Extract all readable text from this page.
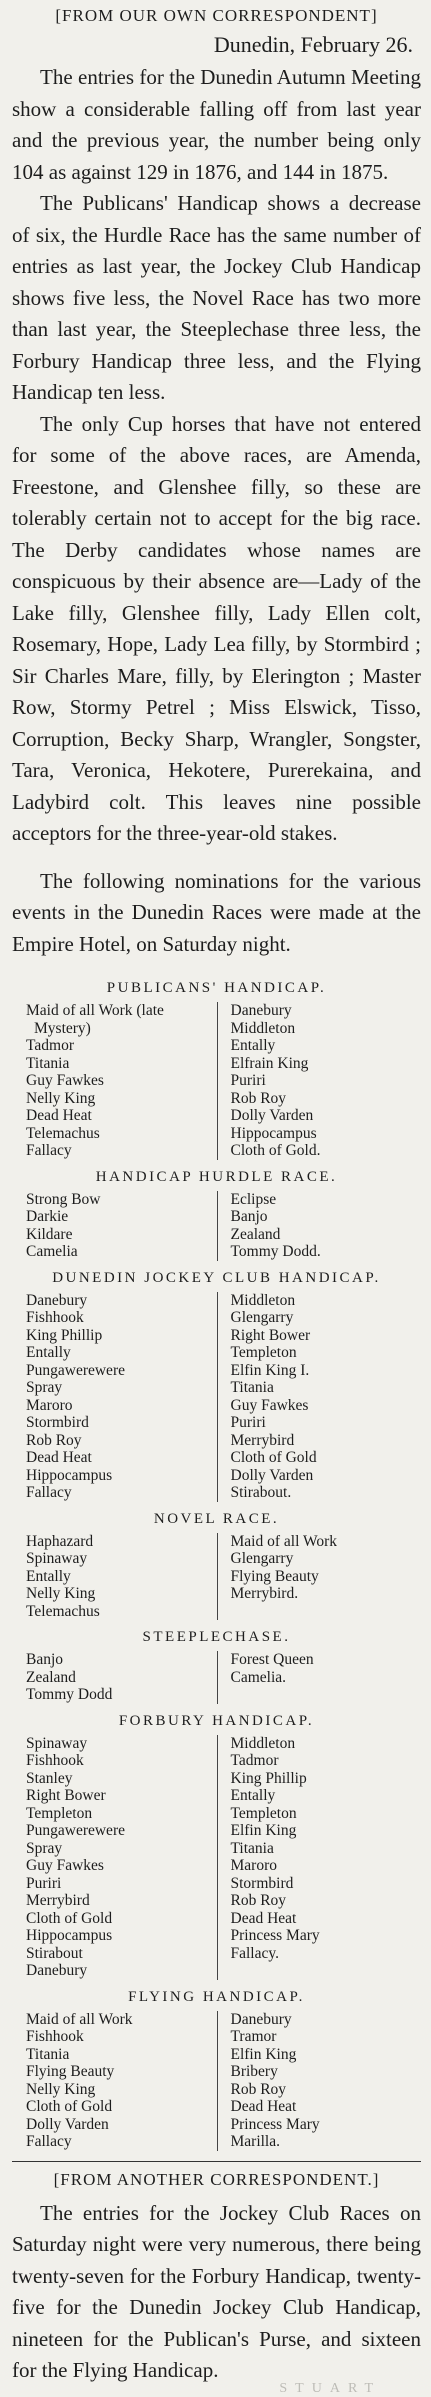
[FROM OUR OWN CORRESPONDENT]
Dunedin, February 26.

The entries for the Dunedin Autumn Meeting show a considerable falling off from last year and the previous year, the number being only 104 as against 129 in 1876, and 144 in 1875.

The Publicans' Handicap shows a decrease of six, the Hurdle Race has the same number of entries as last year, the Jockey Club Handicap shows five less, the Novel Race has two more than last year, the Steeplechase three less, the Forbury Handicap three less, and the Flying Handicap ten less.

The only Cup horses that have not entered for some of the above races, are Amenda, Freestone, and Glenshee filly, so these are tolerably certain not to accept for the big race. The Derby candidates whose names are conspicuous by their absence are—Lady of the Lake filly, Glenshee filly, Lady Ellen colt, Rosemary, Hope, Lady Lea filly, by Stormbird ; Sir Charles Mare, filly, by Elerington ; Master Row, Stormy Petrel ; Miss Elswick, Tisso, Corruption, Becky Sharp, Wrangler, Songster, Tara, Veronica, Hekotere, Purerekaina, and Ladybird colt. This leaves nine possible acceptors for the three-year-old stakes.

The following nominations for the various events in the Dunedin Races were made at the Empire Hotel, on Saturday night.

PUBLICANS' HANDICAP.
Maid of all Work (late
Mystery)
Tadmor
Titania
Guy Fawkes
Nelly King
Dead Heat
Telemachus
Fallacy
Danebury
Middleton
Entally
Elfrain King
Puriri
Rob Roy
Dolly Varden
Hippocampus
Cloth of Gold.
HANDICAP HURDLE RACE.
Strong Bow
Darkie
Kildare
Camelia
Eclipse
Banjo
Zealand
Tommy Dodd.
DUNEDIN JOCKEY CLUB HANDICAP.
Danebury
Fishhook
King Phillip
Entally
Pungawerewere
Spray
Maroro
Stormbird
Rob Roy
Dead Heat
Hippocampus
Fallacy
Middleton
Glengarry
Right Bower
Templeton
Elfin King I.
Titania
Guy Fawkes
Puriri
Merrybird
Cloth of Gold
Dolly Varden
Stirabout.
NOVEL RACE.
Haphazard
Spinaway
Entally
Nelly King
Telemachus
Maid of all Work
Glengarry
Flying Beauty
Merrybird.
STEEPLECHASE.
Banjo
Zealand
Tommy Dodd
Forest Queen
Camelia.
FORBURY HANDICAP.
Spinaway
Fishhook
Stanley
Right Bower
Templeton
Pungawerewere
Spray
Guy Fawkes
Puriri
Merrybird
Cloth of Gold
Hippocampus
Stirabout
Danebury
Middleton
Tadmor
King Phillip
Entally
Templeton
Elfin King
Titania
Maroro
Stormbird
Rob Roy
Dead Heat
Princess Mary
Fallacy.
FLYING HANDICAP.
Maid of all Work
Fishhook
Titania
Flying Beauty
Nelly King
Cloth of Gold
Dolly Varden
Fallacy
Danebury
Tramor
Elfin King
Bribery
Rob Roy
Dead Heat
Princess Mary
Marilla.
[FROM ANOTHER CORRESPONDENT.]

The entries for the Jockey Club Races on Saturday night were very numerous, there being twenty-seven for the Forbury Handicap, twenty-five for the Dunedin Jockey Club Handicap, nineteen for the Publican's Purse, and sixteen for the Flying Handicap.

STUART
